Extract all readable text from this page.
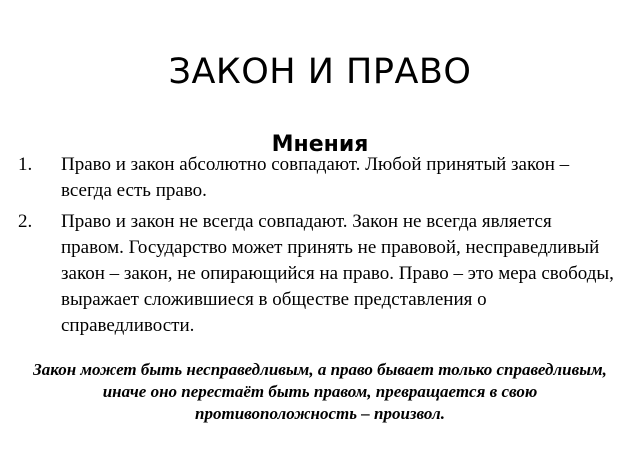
ЗАКОН И ПРАВО
Мнения
1. Право и закон абсолютно совпадают. Любой принятый закон – всегда есть право.
2. Право и закон не всегда совпадают. Закон не всегда является правом. Государство может принять не правовой, несправедливый закон – закон, не опирающийся на право. Право – это мера свободы, выражает сложившиеся в обществе представления о справедливости.

Закон может быть несправедливым, а право бывает только справедливым, иначе оно перестаёт быть правом, превращается в свою противоположность – произвол.
